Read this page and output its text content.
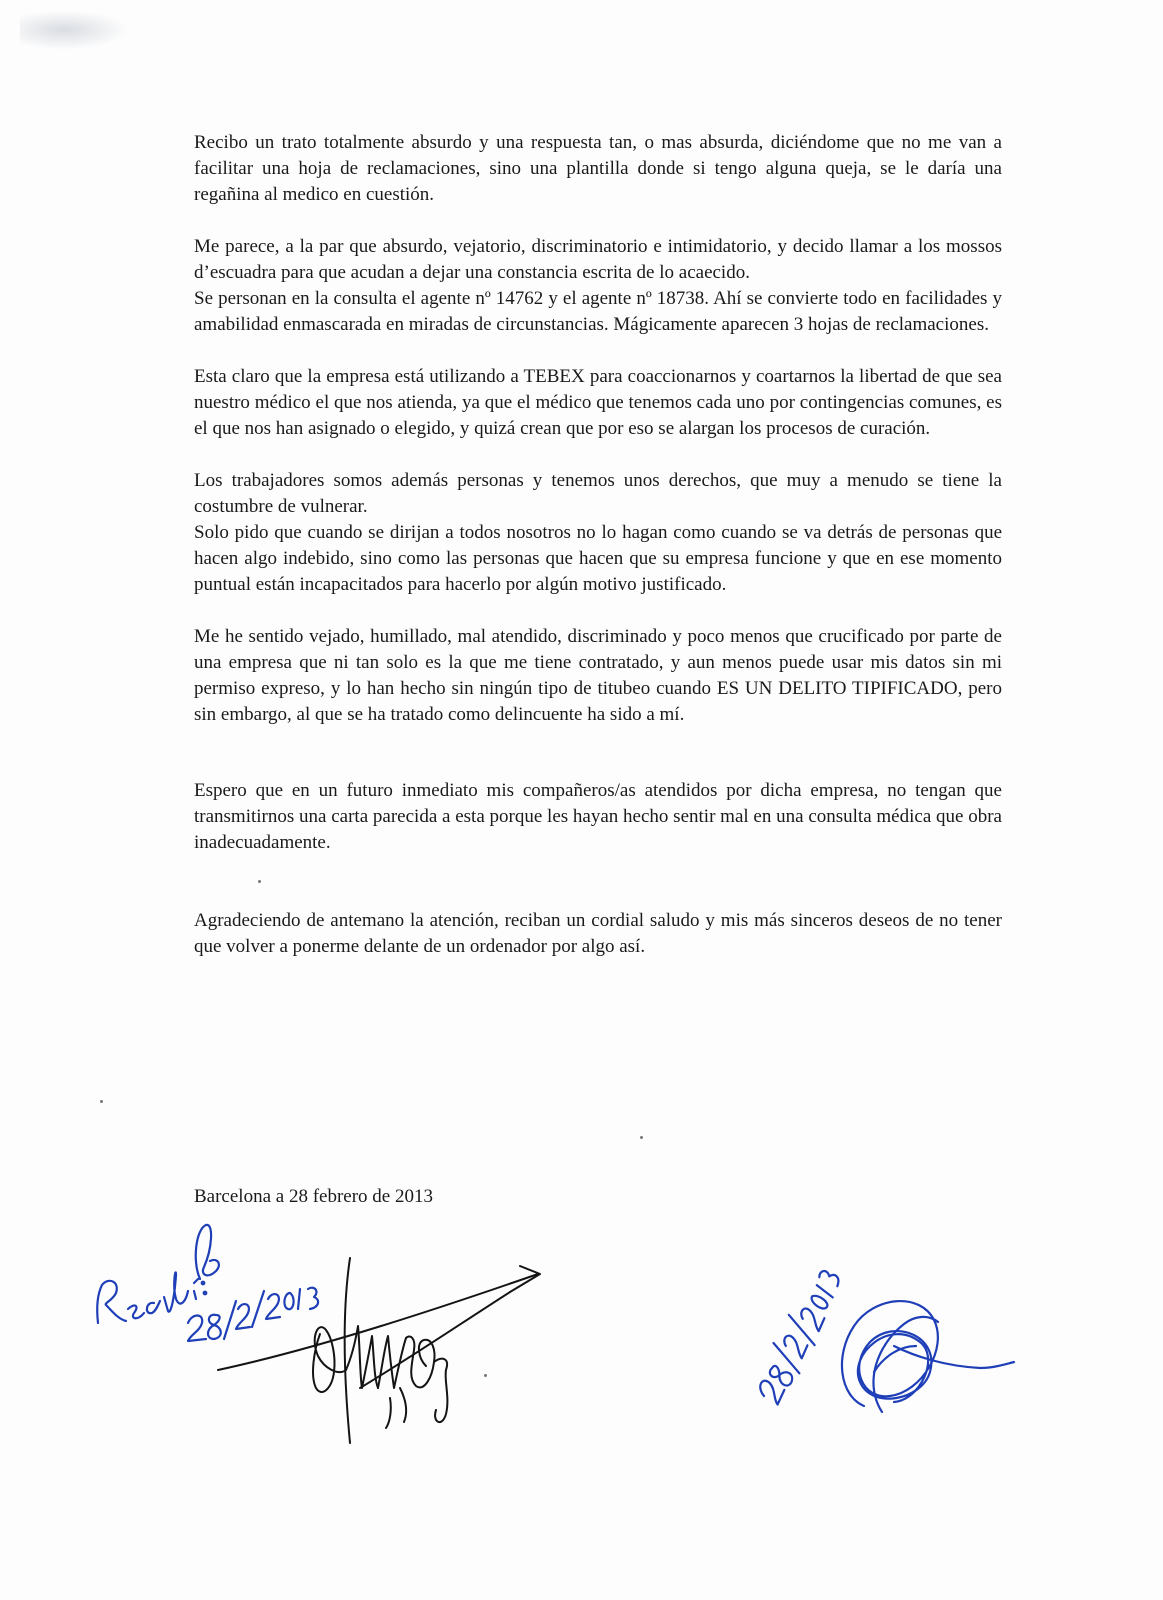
Recibo un trato totalmente absurdo y una respuesta tan, o mas absurda, diciéndome que no me van a facilitar una hoja de reclamaciones, sino una plantilla donde si tengo alguna queja, se le daría una regañina al medico en cuestión.

Me parece, a la par que absurdo, vejatorio, discriminatorio e intimidatorio, y decido llamar a los mossos d’escuadra para que acudan a dejar una constancia escrita de lo acaecido.

Se personan en la consulta el agente nº 14762 y el agente nº 18738. Ahí se convierte todo en facilidades y amabilidad enmascarada en miradas de circunstancias. Mágicamente aparecen 3 hojas de reclamaciones.

Esta claro que la empresa está utilizando a TEBEX para coaccionarnos y coartarnos la libertad de que sea nuestro médico el que nos atienda, ya que el médico que tenemos cada uno por contingencias comunes, es el que nos han asignado o elegido, y quizá crean que por eso se alargan los procesos de curación.

Los trabajadores somos además personas y tenemos unos derechos, que muy a menudo se tiene la costumbre de vulnerar.

Solo pido que cuando se dirijan a todos nosotros no lo hagan como cuando se va detrás de personas que hacen algo indebido, sino como las personas que hacen que su empresa funcione y que en ese momento puntual están incapacitados para hacerlo por algún motivo justificado.

Me he sentido vejado, humillado, mal atendido, discriminado y poco menos que crucificado por parte de una empresa que ni tan solo es la que me tiene contratado, y aun menos puede usar mis datos sin mi permiso expreso, y lo han hecho sin ningún tipo de titubeo cuando ES UN DELITO TIPIFICADO, pero sin embargo, al que se ha tratado como delincuente ha sido a mí.

Espero que en un futuro inmediato mis compañeros/as atendidos por dicha empresa, no tengan que transmitirnos una carta parecida a esta porque les hayan hecho sentir mal en una consulta médica que obra inadecuadamente.

Agradeciendo de antemano la atención, reciban un cordial saludo y mis más sinceros deseos de no tener que volver a ponerme delante de un ordenador por algo así.

Barcelona a 28 febrero de 2013
